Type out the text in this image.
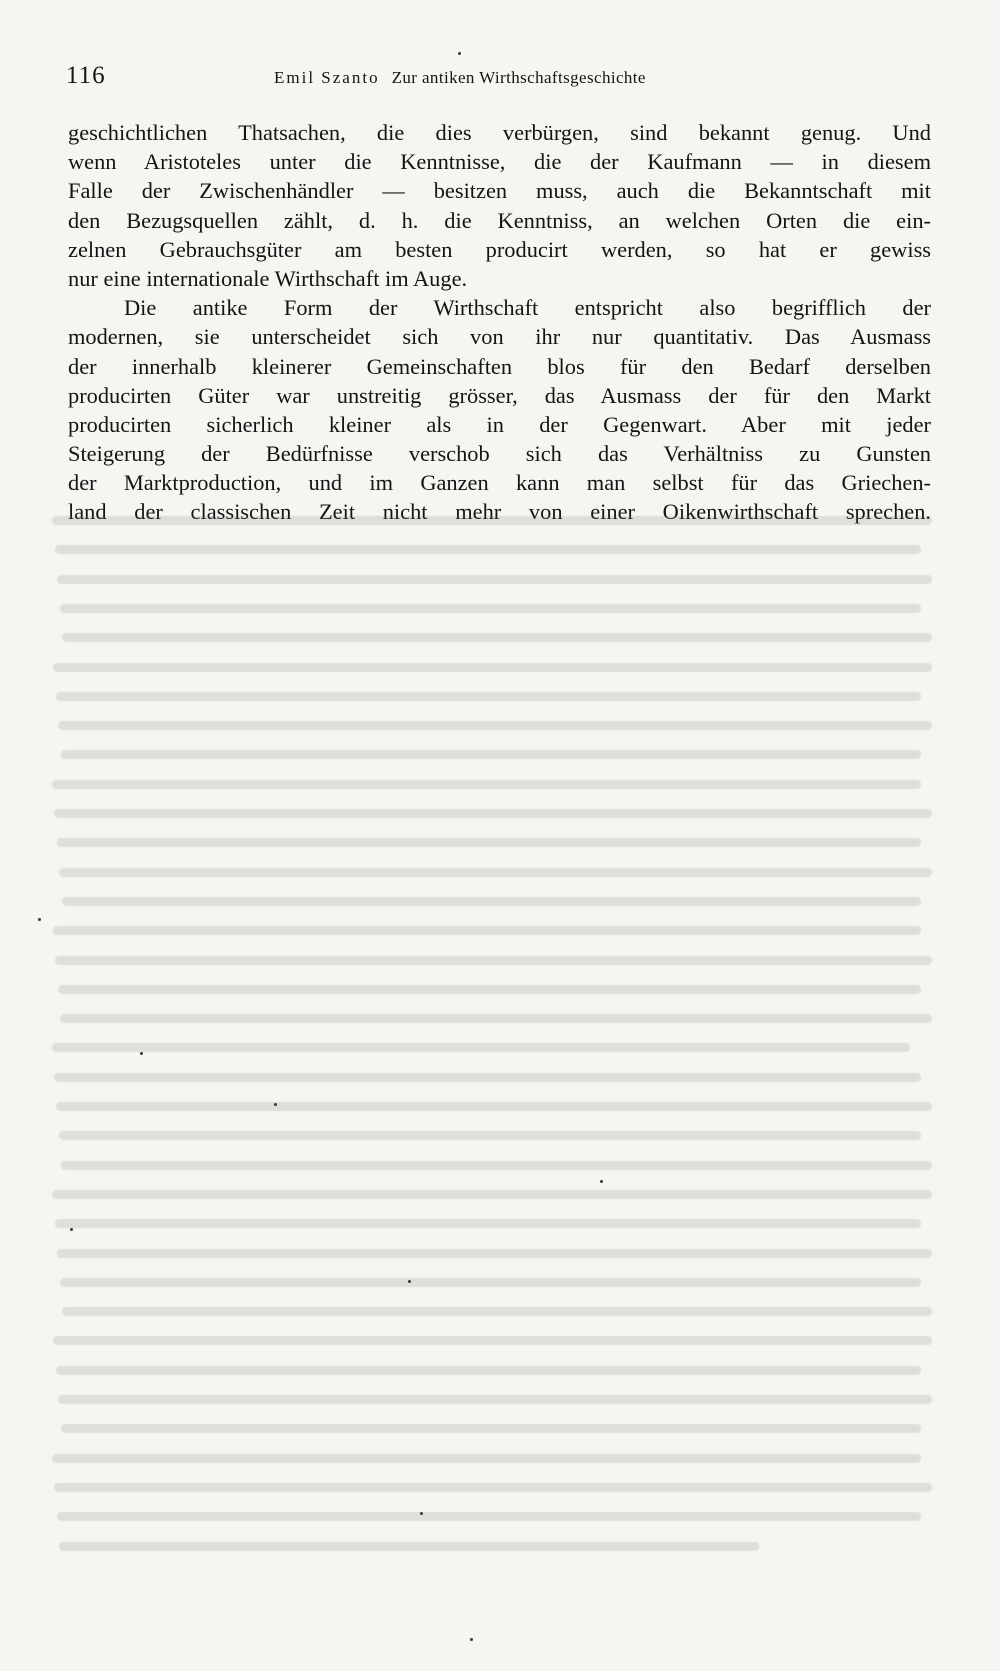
116	Emil Szanto Zur antiken Wirthschaftsgeschichte
geschichtlichen Thatsachen, die dies verbürgen, sind bekannt genug. Und
wenn Aristoteles unter die Kenntnisse, die der Kaufmann — in diesem
Falle der Zwischenhändler — besitzen muss, auch die Bekanntschaft mit
den Bezugsquellen zählt, d. h. die Kenntniss, an welchen Orten die ein-
zelnen Gebrauchsgüter am besten producirt werden, so hat er gewiss
nur eine internationale Wirthschaft im Auge.
Die antike Form der Wirthschaft entspricht also begrifflich der
modernen, sie unterscheidet sich von ihr nur quantitativ. Das Ausmass
der innerhalb kleinerer Gemeinschaften blos für den Bedarf derselben
producirten Güter war unstreitig grösser, das Ausmass der für den Markt
producirten sicherlich kleiner als in der Gegenwart. Aber mit jeder
Steigerung der Bedürfnisse verschob sich das Verhältniss zu Gunsten
der Marktproduction, und im Ganzen kann man selbst für das Griechen-
land der classischen Zeit nicht mehr von einer Oikenwirthschaft sprechen.
